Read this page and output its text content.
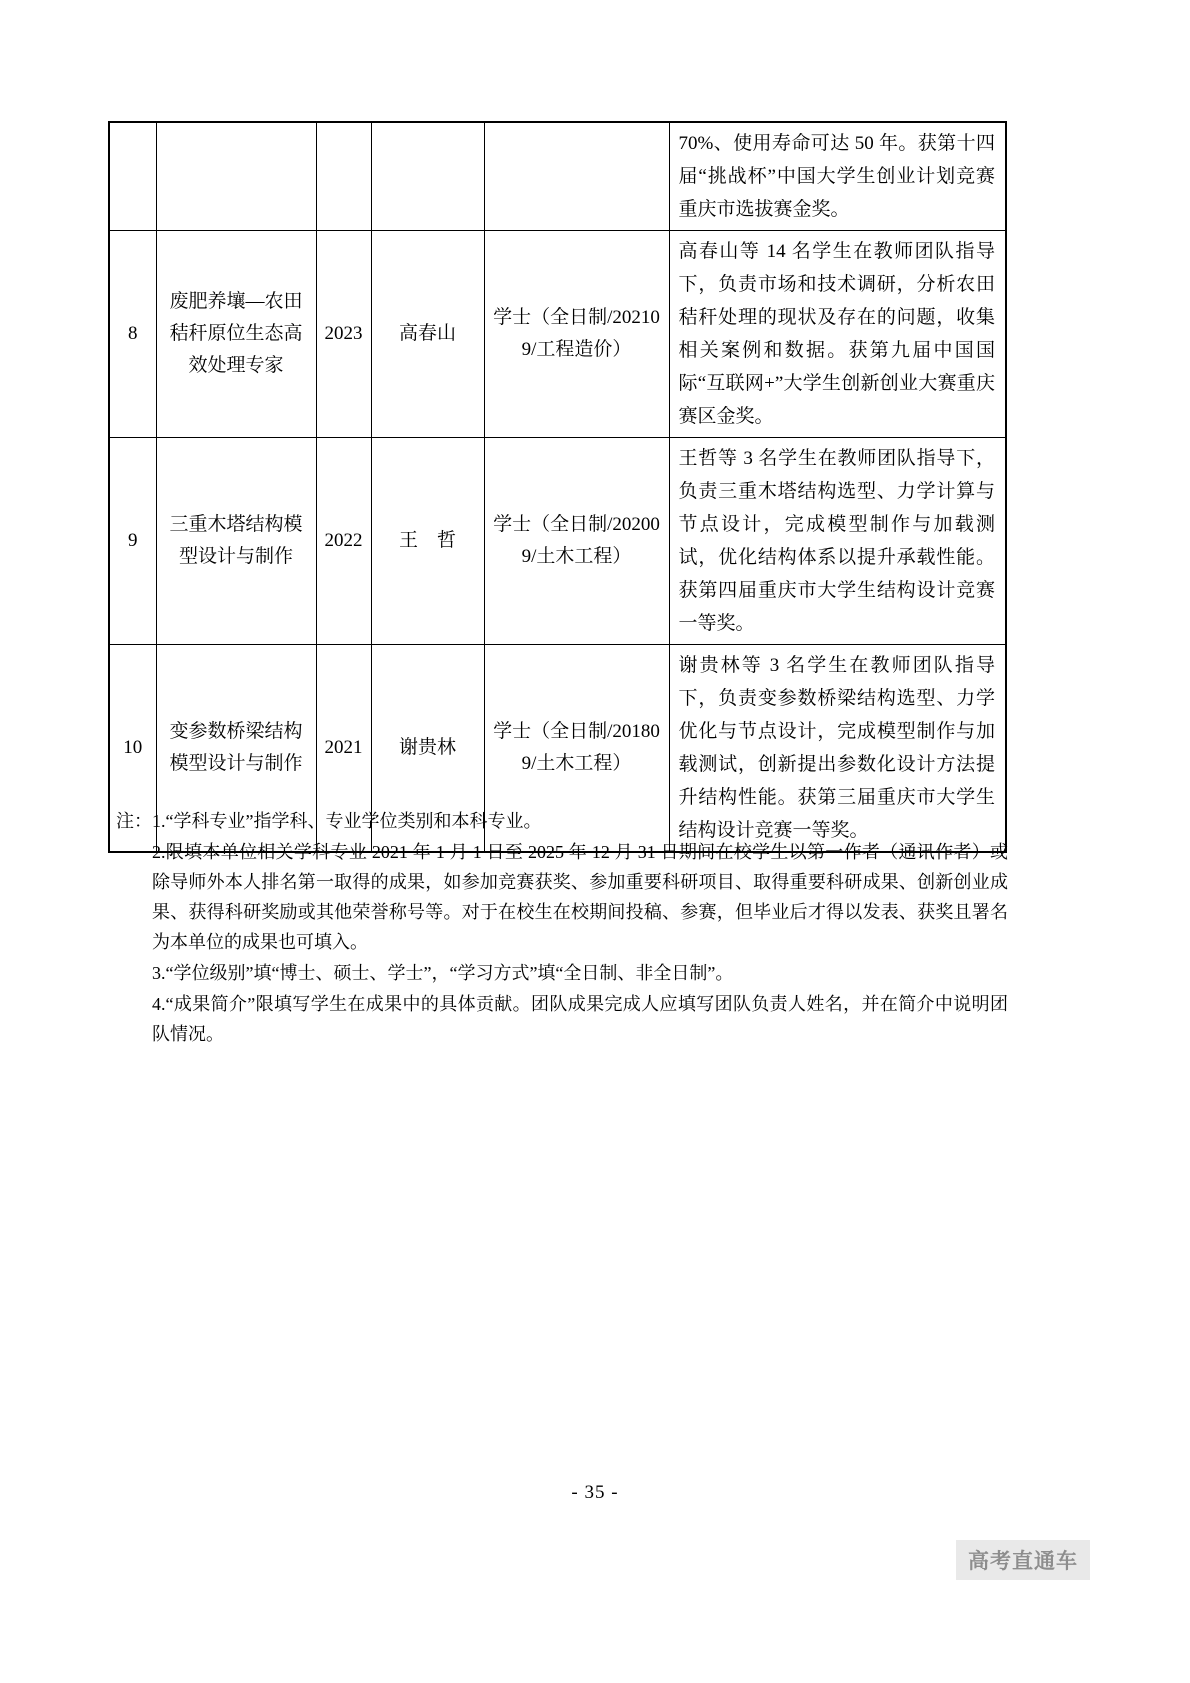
					70%、使用寿命可达 50 年。获第十四届“挑战杯”中国大学生创业计划竞赛重庆市选拔赛金奖。
8	废肥养壤—农田秸秆原位生态高效处理专家	2023	高春山	学士（全日制/202109/工程造价）	高春山等 14 名学生在教师团队指导下，负责市场和技术调研，分析农田秸秆处理的现状及存在的问题，收集相关案例和数据。获第九届中国国际“互联网+”大学生创新创业大赛重庆赛区金奖。
9	三重木塔结构模型设计与制作	2022	王　哲	学士（全日制/202009/土木工程）	王哲等 3 名学生在教师团队指导下，负责三重木塔结构选型、力学计算与节点设计，完成模型制作与加载测试，优化结构体系以提升承载性能。获第四届重庆市大学生结构设计竞赛一等奖。
10	变参数桥梁结构模型设计与制作	2021	谢贵林	学士（全日制/201809/土木工程）	谢贵林等 3 名学生在教师团队指导下，负责变参数桥梁结构选型、力学优化与节点设计，完成模型制作与加载测试，创新提出参数化设计方法提升结构性能。获第三届重庆市大学生结构设计竞赛一等奖。
注： 1.“学科专业”指学科、专业学位类别和本科专业。

2.限填本单位相关学科专业 2021 年 1 月 1 日至 2025 年 12 月 31 日期间在校学生以第一作者（通讯作者）或除导师外本人排名第一取得的成果，如参加竞赛获奖、参加重要科研项目、取得重要科研成果、创新创业成果、获得科研奖励或其他荣誉称号等。对于在校生在校期间投稿、参赛，但毕业后才得以发表、获奖且署名为本单位的成果也可填入。

3.“学位级别”填“博士、硕士、学士”，“学习方式”填“全日制、非全日制”。

4.“成果简介”限填写学生在成果中的具体贡献。团队成果完成人应填写团队负责人姓名，并在简介中说明团队情况。

- 35 -
高考直通车
